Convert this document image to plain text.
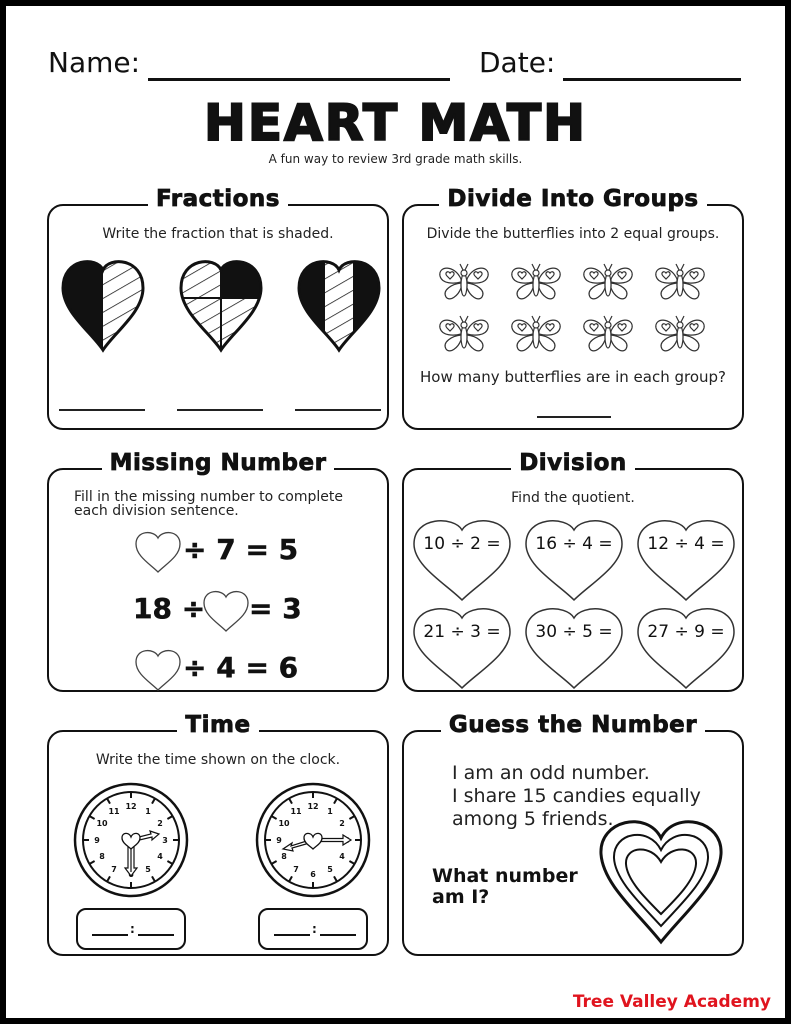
Name:	Date:
HEART MATH
A fun way to review 3rd grade math skills.
Fractions
Write the fraction that is shaded.
Divide Into Groups
Divide the butterflies into 2 equal groups.
How many butterflies are in each group?
Missing Number
Fill in the missing number to complete
each division sentence.
÷ 7 = 5
18 ÷ = 3
÷ 4 = 6
Division
Find the quotient.
10 ÷ 2 =	16 ÷ 4 =	12 ÷ 4 =
21 ÷ 3 =	30 ÷ 5 =	27 ÷ 9 =
Time
Write the time shown on the clock.
12
1
2
3
4
5
6
7
8
9
10
11
:	:
Guess the Number
I am an odd number.
I share 15 candies equally
among 5 friends.
What number
am I?
Tree Valley Academy
